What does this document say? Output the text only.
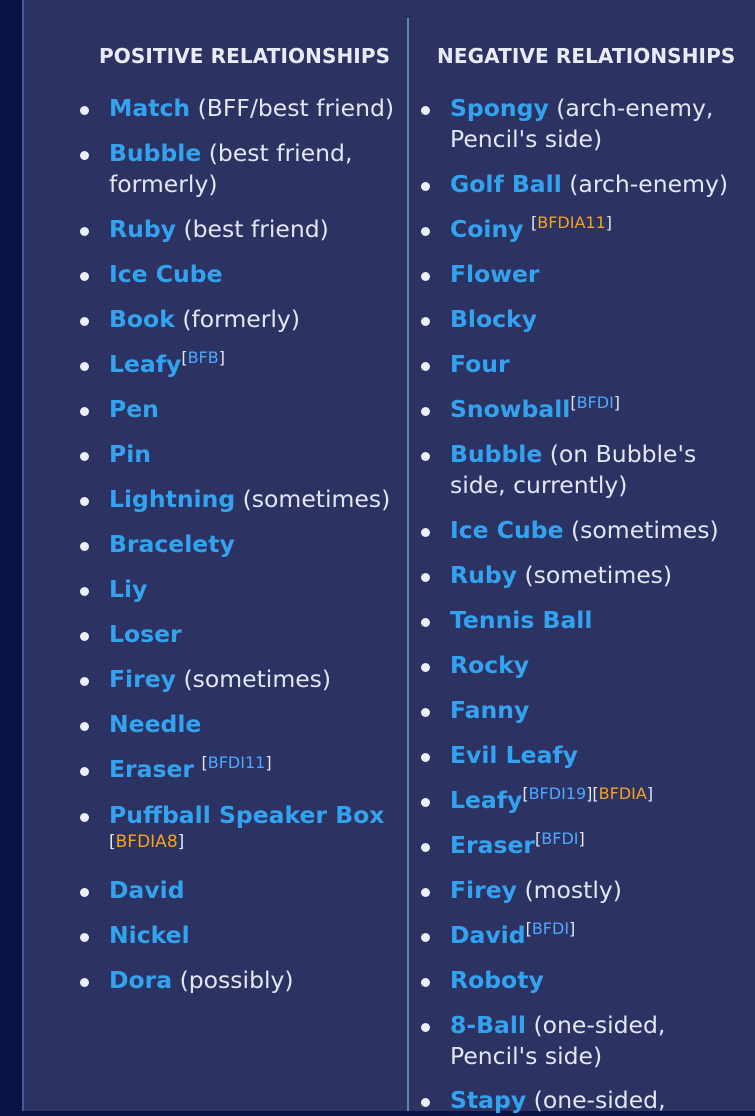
POSITIVE RELATIONSHIPS
Match (BFF/best friend)
Bubble (best friend, formerly)
Ruby (best friend)
Ice Cube
Book (formerly)
Leafy[BFB]
Pen
Pin
Lightning (sometimes)
Bracelety
Liy
Loser
Firey (sometimes)
Needle
Eraser [BFDI11]
Puffball Speaker Box
[BFDIA8]
David
Nickel
Dora (possibly)
NEGATIVE RELATIONSHIPS
Spongy (arch-enemy, Pencil's side)
Golf Ball (arch-enemy)
Coiny [BFDIA11]
Flower
Blocky
Four
Snowball[BFDI]
Bubble (on Bubble's side, currently)
Ice Cube (sometimes)
Ruby (sometimes)
Tennis Ball
Rocky
Fanny
Evil Leafy
Leafy[BFDI19][BFDIA]
Eraser[BFDI]
Firey (mostly)
David[BFDI]
Roboty
8-Ball (one-sided, Pencil's side)
Stapy (one-sided,
